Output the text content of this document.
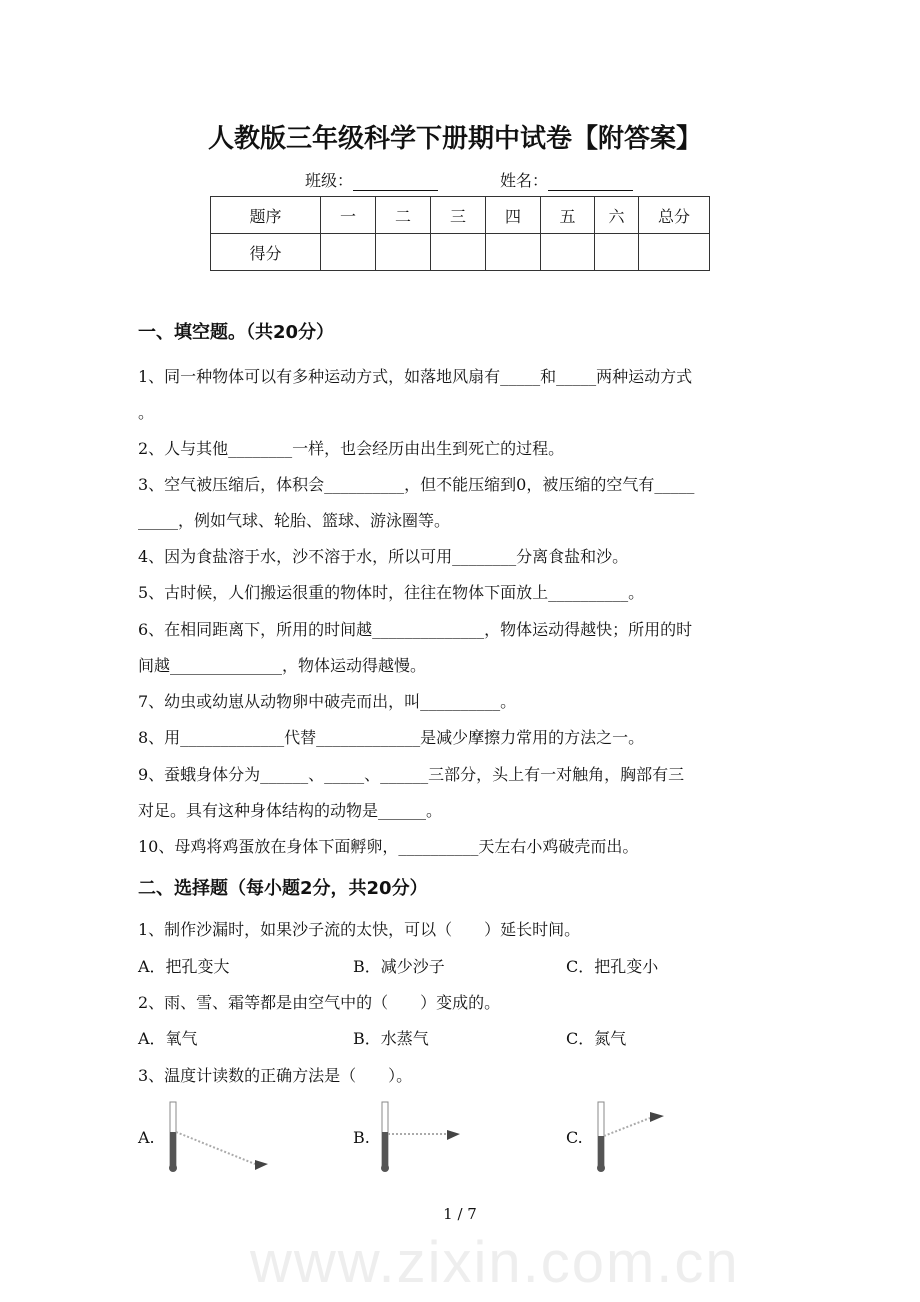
www.zixin.com.cn
人教版三年级科学下册期中试卷【附答案】
班级：	姓名：
题序	一	二	三	四	五	六	总分
得分							
一、填空题。（共20分）
1、同一种物体可以有多种运动方式，如落地风扇有_____和_____两种运动方式
。
2、人与其他________一样，也会经历由出生到死亡的过程。
3、空气被压缩后，体积会__________，但不能压缩到0，被压缩的空气有_____
_____，例如气球、轮胎、篮球、游泳圈等。
4、因为食盐溶于水，沙不溶于水，所以可用________分离食盐和沙。
5、古时候，人们搬运很重的物体时，往往在物体下面放上__________。
6、在相同距离下，所用的时间越______________，物体运动得越快；所用的时
间越______________，物体运动得越慢。
7、幼虫或幼崽从动物卵中破壳而出，叫__________。
8、用_____________代替_____________是减少摩擦力常用的方法之一。
9、蚕蛾身体分为______、_____、______三部分，头上有一对触角，胸部有三
对足。具有这种身体结构的动物是______。
10、母鸡将鸡蛋放在身体下面孵卵，__________天左右小鸡破壳而出。
二、选择题（每小题2分，共20分）
1、制作沙漏时，如果沙子流的太快，可以（　　）延长时间。
A．把孔变大	B．减少沙子	C．把孔变小
2、雨、雪、霜等都是由空气中的（　　）变成的。
A．氧气	B．水蒸气	C．氮气
3、温度计读数的正确方法是（　　）。
A.	B.	C.
1 / 7
